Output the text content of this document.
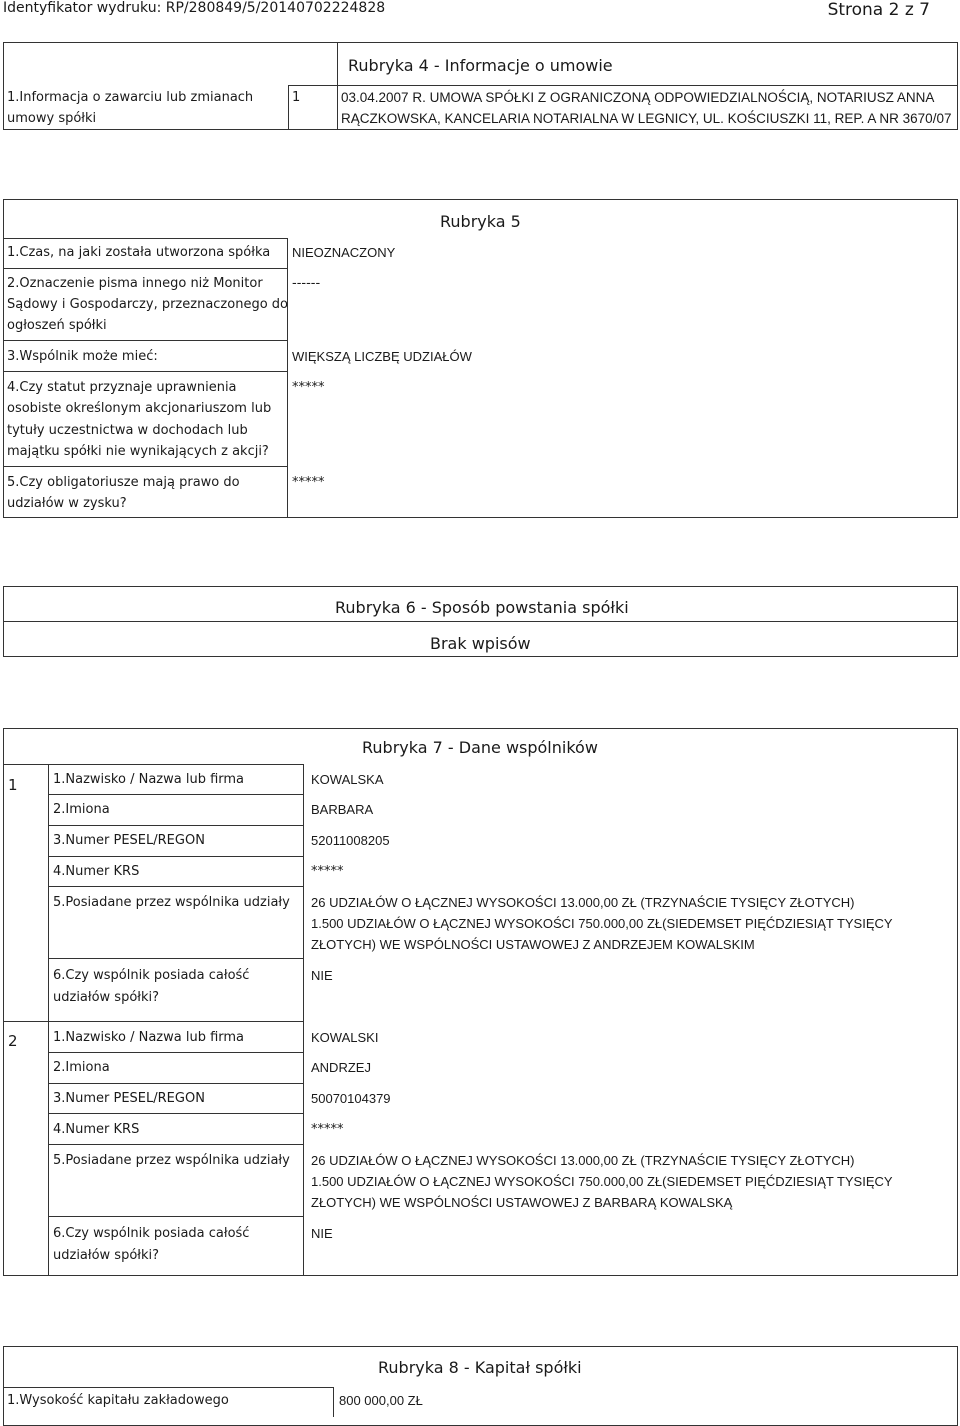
Identyfikator wydruku: RP/280849/5/20140702224828	Strona 2 z 7
Rubryka 4 - Informacje o umowie
1.Informacja o zawarciu lub zmianach
umowy spółki
1	03.04.2007 R. UMOWA SPÓŁKI Z OGRANICZONĄ ODPOWIEDZIALNOŚCIĄ, NOTARIUSZ ANNA
RĄCZKOWSKA, KANCELARIA NOTARIALNA W LEGNICY, UL. KOŚCIUSZKI 11, REP. A NR 3670/07
Rubryka 5
1.Czas, na jaki została utworzona spółka NIEOZNACZONY
2.Oznaczenie pisma innego niż Monitor
Sądowy i Gospodarczy, przeznaczonego do
ogłoszeń spółki
------
3.Wspólnik może mieć:	WIĘKSZĄ LICZBĘ UDZIAŁÓW
4.Czy statut przyznaje uprawnienia
osobiste określonym akcjonariuszom lub
tytuły uczestnictwa w dochodach lub
majątku spółki nie wynikających z akcji?
*****
5.Czy obligatoriusze mają prawo do
udziałów w zysku?
*****
Rubryka 6 - Sposób powstania spółki
Brak wpisów
Rubryka 7 - Dane wspólników
1	1.Nazwisko / Nazwa lub firma	KOWALSKA
2.Imiona	BARBARA
3.Numer PESEL/REGON	52011008205
4.Numer KRS	*****
5.Posiadane przez wspólnika udziały 26 UDZIAŁÓW O ŁĄCZNEJ WYSOKOŚCI 13.000,00 ZŁ (TRZYNAŚCIE TYSIĘCY ZŁOTYCH)
1.500 UDZIAŁÓW O ŁĄCZNEJ WYSOKOŚCI 750.000,00 ZŁ(SIEDEMSET PIĘĆDZIESIĄT TYSIĘCY
ZŁOTYCH) WE WSPÓLNOŚCI USTAWOWEJ Z ANDRZEJEM KOWALSKIM
6.Czy wspólnik posiada całość
udziałów spółki?
NIE
2	1.Nazwisko / Nazwa lub firma	KOWALSKI
2.Imiona	ANDRZEJ
3.Numer PESEL/REGON	50070104379
4.Numer KRS	*****
5.Posiadane przez wspólnika udziały 26 UDZIAŁÓW O ŁĄCZNEJ WYSOKOŚCI 13.000,00 ZŁ (TRZYNAŚCIE TYSIĘCY ZŁOTYCH)
1.500 UDZIAŁÓW O ŁĄCZNEJ WYSOKOŚCI 750.000,00 ZŁ(SIEDEMSET PIĘĆDZIESIĄT TYSIĘCY
ZŁOTYCH) WE WSPÓLNOŚCI USTAWOWEJ Z BARBARĄ KOWALSKĄ
6.Czy wspólnik posiada całość
udziałów spółki?
NIE
Rubryka 8 - Kapitał spółki
1.Wysokość kapitału zakładowego	800 000,00 ZŁ
